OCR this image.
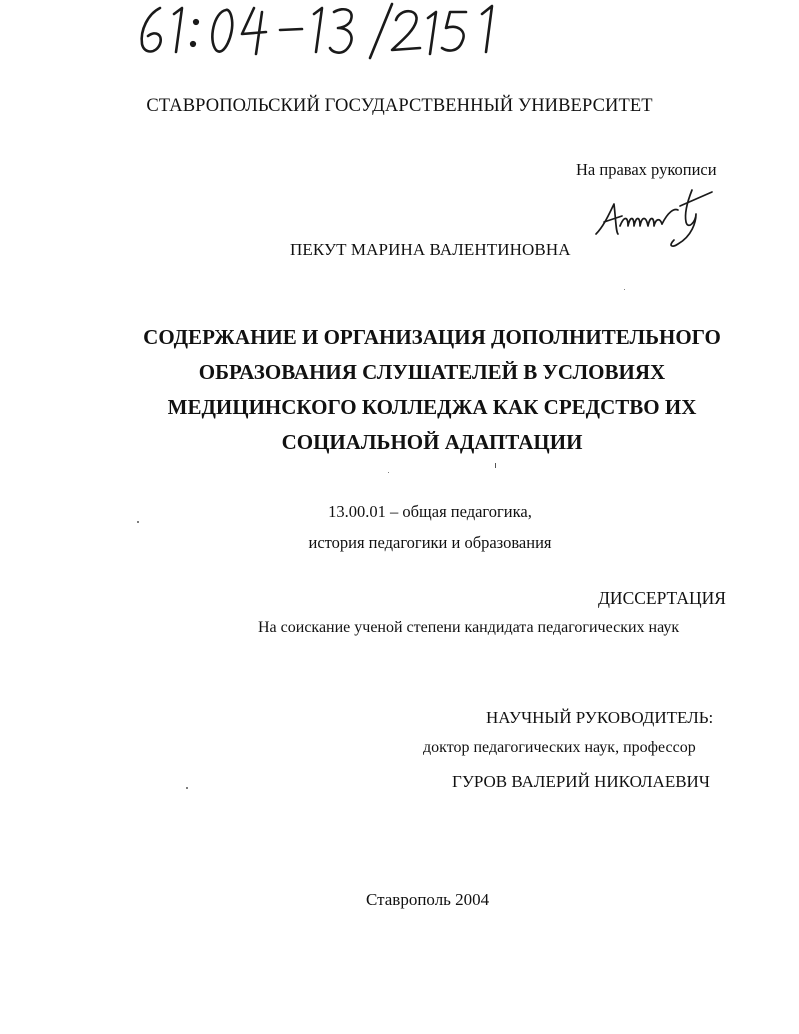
СТАВРОПОЛЬСКИЙ ГОСУДАРСТВЕННЫЙ УНИВЕРСИТЕТ

На правах рукописи

ПЕКУТ МАРИНА ВАЛЕНТИНОВНА

СОДЕРЖАНИЕ И ОРГАНИЗАЦИЯ ДОПОЛНИТЕЛЬНОГО
ОБРАЗОВАНИЯ СЛУШАТЕЛЕЙ В УСЛОВИЯХ
МЕДИЦИНСКОГО КОЛЛЕДЖА КАК СРЕДСТВО ИХ
СОЦИАЛЬНОЙ АДАПТАЦИИ
13.00.01 – общая педагогика,
история педагогики и образования

ДИССЕРТАЦИЯ

На соискание ученой степени кандидата педагогических наук

НАУЧНЫЙ РУКОВОДИТЕЛЬ:

доктор педагогических наук, профессор

ГУРОВ ВАЛЕРИЙ НИКОЛАЕВИЧ

Ставрополь 2004
